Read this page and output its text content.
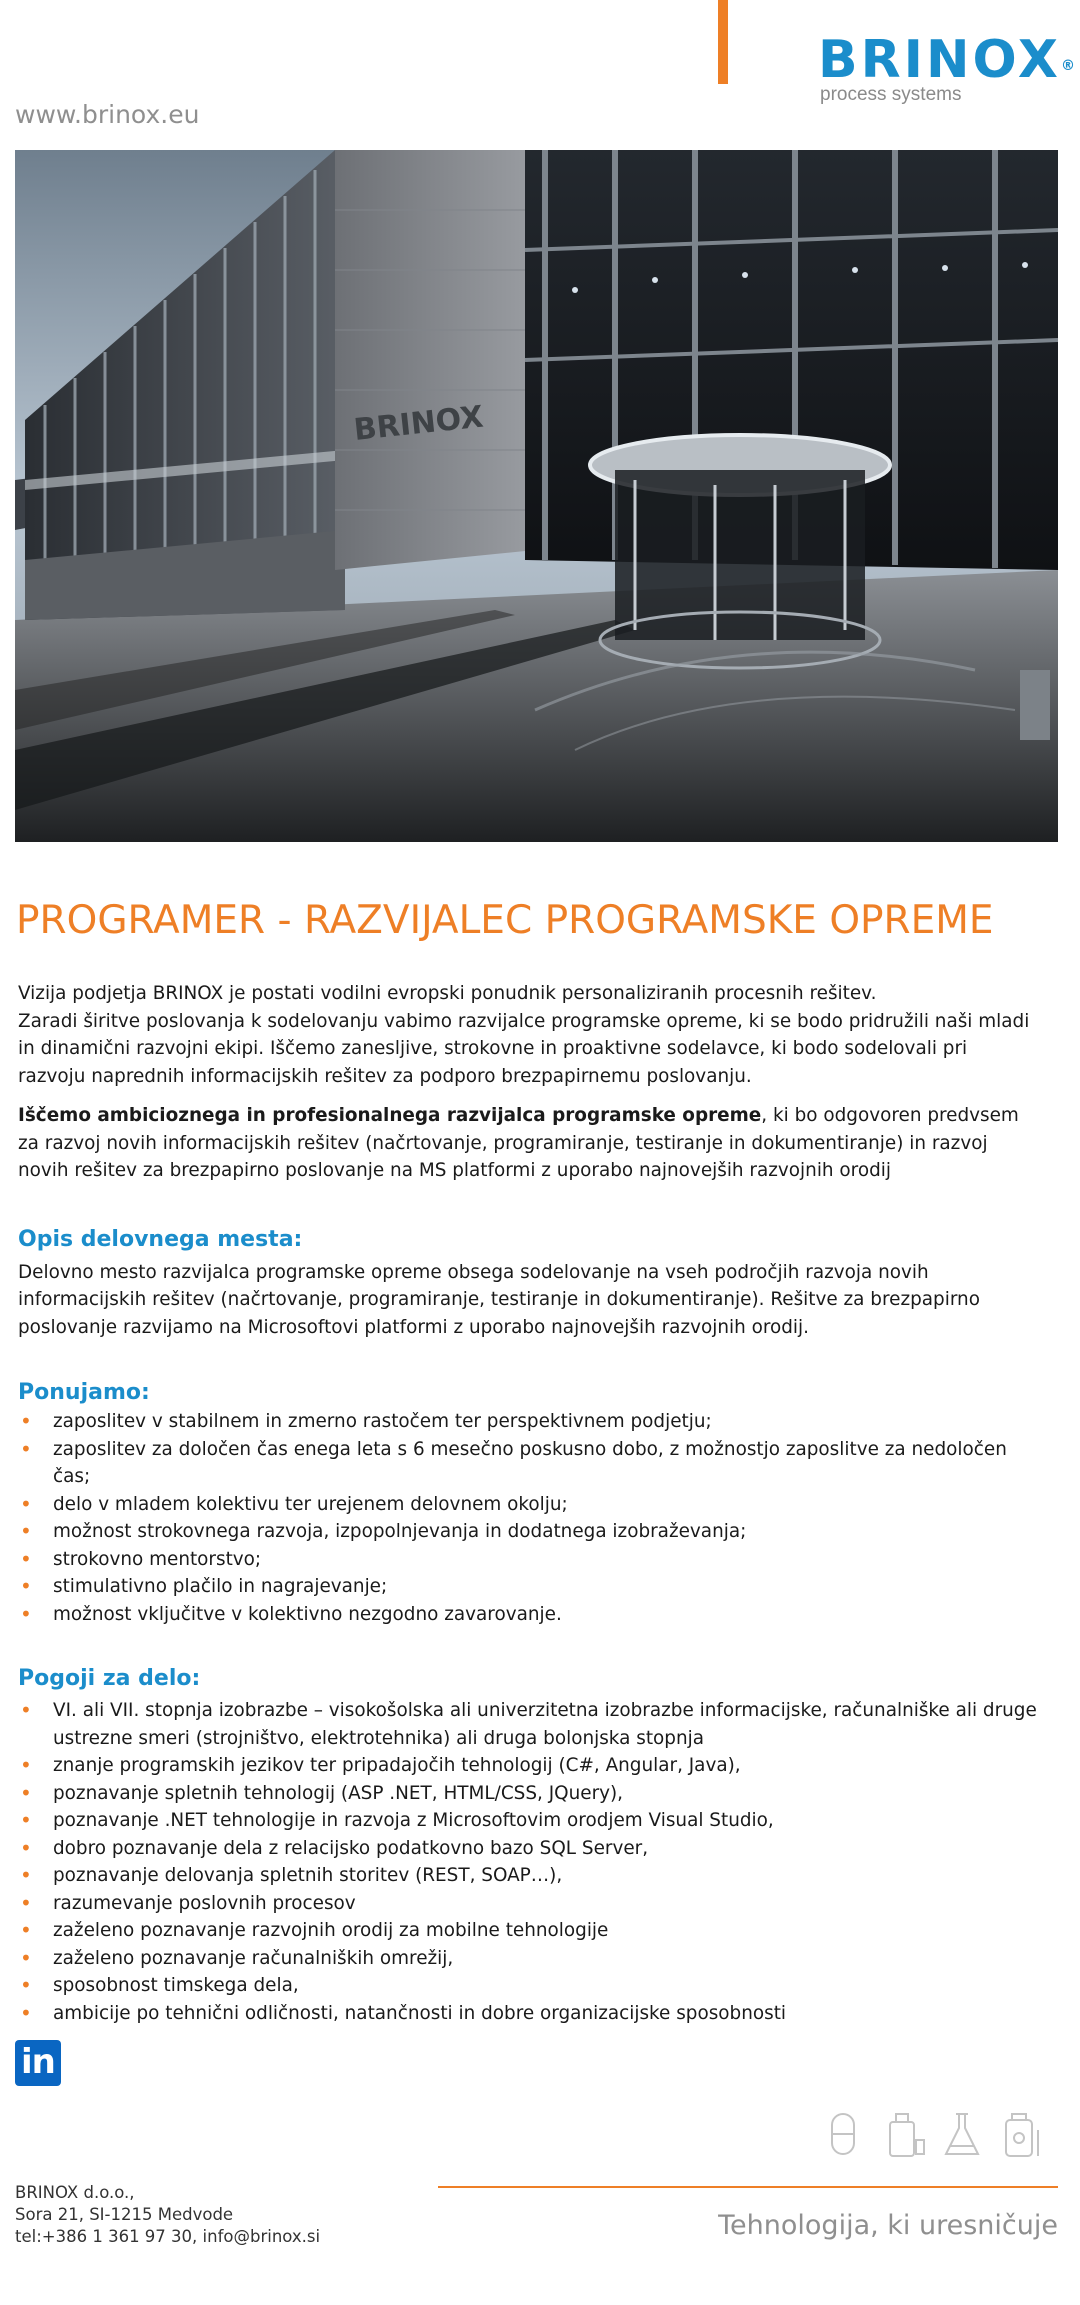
BRINOX®
process systems
www.brinox.eu
BRINOX
PROGRAMER - RAZVIJALEC PROGRAMSKE OPREME

Vizija podjetja BRINOX je postati vodilni evropski ponudnik personaliziranih procesnih rešitev.

Zaradi širitve poslovanja k sodelovanju vabimo razvijalce programske opreme, ki se bodo pridružili naši mladi in dinamični razvojni ekipi. Iščemo zanesljive, strokovne in proaktivne sodelavce, ki bodo sodelovali pri razvoju naprednih informacijskih rešitev za podporo brezpapirnemu poslovanju.

Iščemo ambicioznega in profesionalnega razvijalca programske opreme, ki bo odgovoren predvsem za razvoj novih informacijskih rešitev (načrtovanje, programiranje, testiranje in dokumentiranje) in razvoj novih rešitev za brezpapirno poslovanje na MS platformi z uporabo najnovejših razvojnih orodij

Opis delovnega mesta:

Delovno mesto razvijalca programske opreme obsega sodelovanje na vseh področjih razvoja novih informacijskih rešitev (načrtovanje, programiranje, testiranje in dokumentiranje). Rešitve za brezpapirno poslovanje razvijamo na Microsoftovi platformi z uporabo najnovejših razvojnih orodij.

Ponujamo:
• zaposlitev v stabilnem in zmerno rastočem ter perspektivnem podjetju;
• zaposlitev za določen čas enega leta s 6 mesečno poskusno dobo, z možnostjo zaposlitve za nedoločen čas;
• delo v mladem kolektivu ter urejenem delovnem okolju;
• možnost strokovnega razvoja, izpopolnjevanja in dodatnega izobraževanja;
• strokovno mentorstvo;
• stimulativno plačilo in nagrajevanje;
• možnost vključitve v kolektivno nezgodno zavarovanje.
Pogoji za delo:
• VI. ali VII. stopnja izobrazbe – visokošolska ali univerzitetna izobrazbe informacijske, računalniške ali druge ustrezne smeri (strojništvo, elektrotehnika) ali druga bolonjska stopnja
• znanje programskih jezikov ter pripadajočih tehnologij (C#, Angular, Java),
• poznavanje spletnih tehnologij (ASP .NET, HTML/CSS, JQuery),
• poznavanje .NET tehnologije in razvoja z Microsoftovim orodjem Visual Studio,
• dobro poznavanje dela z relacijsko podatkovno bazo SQL Server,
• poznavanje delovanja spletnih storitev (REST, SOAP…),
• razumevanje poslovnih procesov
• zaželeno poznavanje razvojnih orodij za mobilne tehnologije
• zaželeno poznavanje računalniških omrežij,
• sposobnost timskega dela,
• ambicije po tehnični odličnosti, natančnosti in dobre organizacijske sposobnosti
in
BRINOX d.o.o.,
Sora 21, SI-1215 Medvode
tel:+386 1 361 97 30, info@brinox.si	Tehnologija, ki uresničuje
